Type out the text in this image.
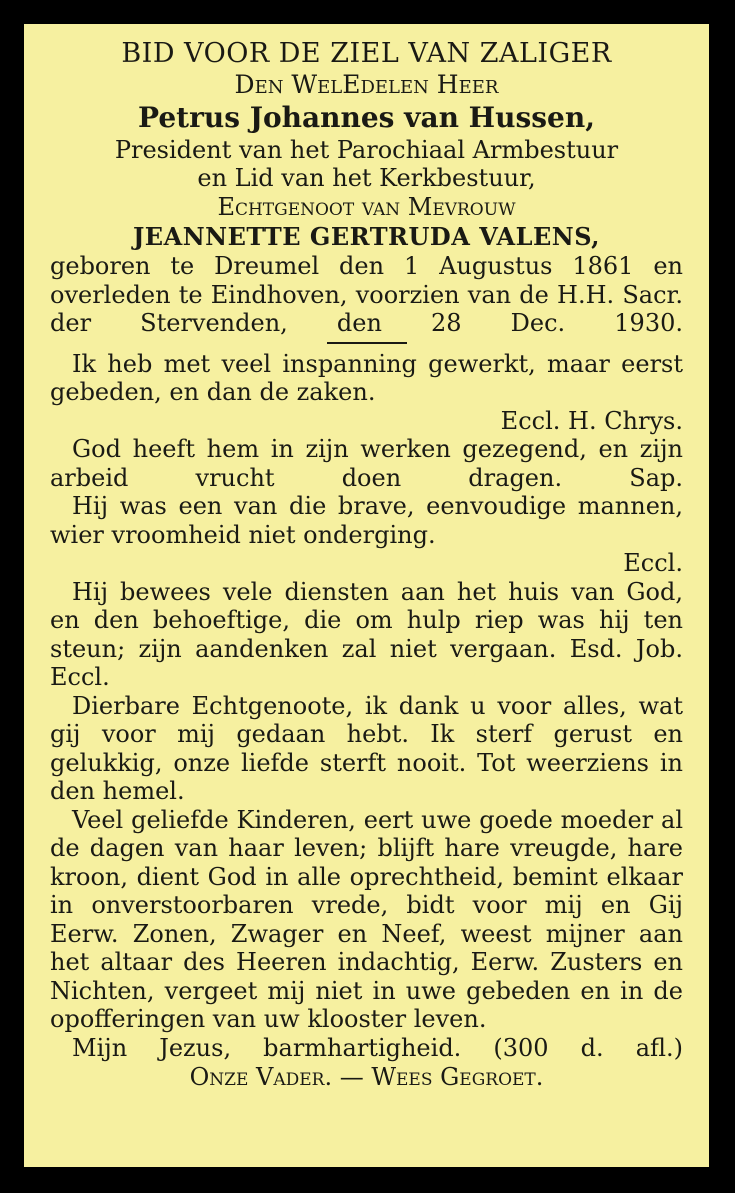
BID VOOR DE ZIEL VAN ZALIGER

Den WelEdelen Heer

Petrus Johannes van Hussen,

President van het Parochiaal Armbestuur

en Lid van het Kerkbestuur,

Echtgenoot van Mevrouw

JEANNETTE GERTRUDA VALENS,

geboren te Dreumel den 1 Augustus 1861 en overleden te Eindhoven, voorzien van de H.H. Sacr. der Stervenden, den 28 Dec. 1930.

Ik heb met veel inspanning gewerkt, maar eerst gebeden, en dan de zaken.

Eccl. H. Chrys.

God heeft hem in zijn werken gezegend, en zijn arbeid vrucht doen dragen.	Sap.

Hij was een van die brave, eenvoudige mannen, wier vroomheid niet onderging.

Eccl.

Hij bewees vele diensten aan het huis van God, en den behoeftige, die om hulp riep was hij ten steun; zijn aandenken zal niet vergaan. Esd. Job. Eccl.

Dierbare Echtgenoote, ik dank u voor alles, wat gij voor mij gedaan hebt. Ik sterf gerust en gelukkig, onze liefde sterft nooit. Tot weerziens in den hemel.

Veel geliefde Kinderen, eert uwe goede moeder al de dagen van haar leven; blijft hare vreugde, hare kroon, dient God in alle oprechtheid, bemint elkaar in onverstoorbaren vrede, bidt voor mij en Gij Eerw. Zonen, Zwager en Neef, weest mijner aan het altaar des Heeren indachtig, Eerw. Zusters en Nichten, vergeet mij niet in uwe gebeden en in de opofferingen van uw klooster leven.

Mijn Jezus, barmhartigheid. (300 d. afl.)

Onze Vader. — Wees Gegroet.
